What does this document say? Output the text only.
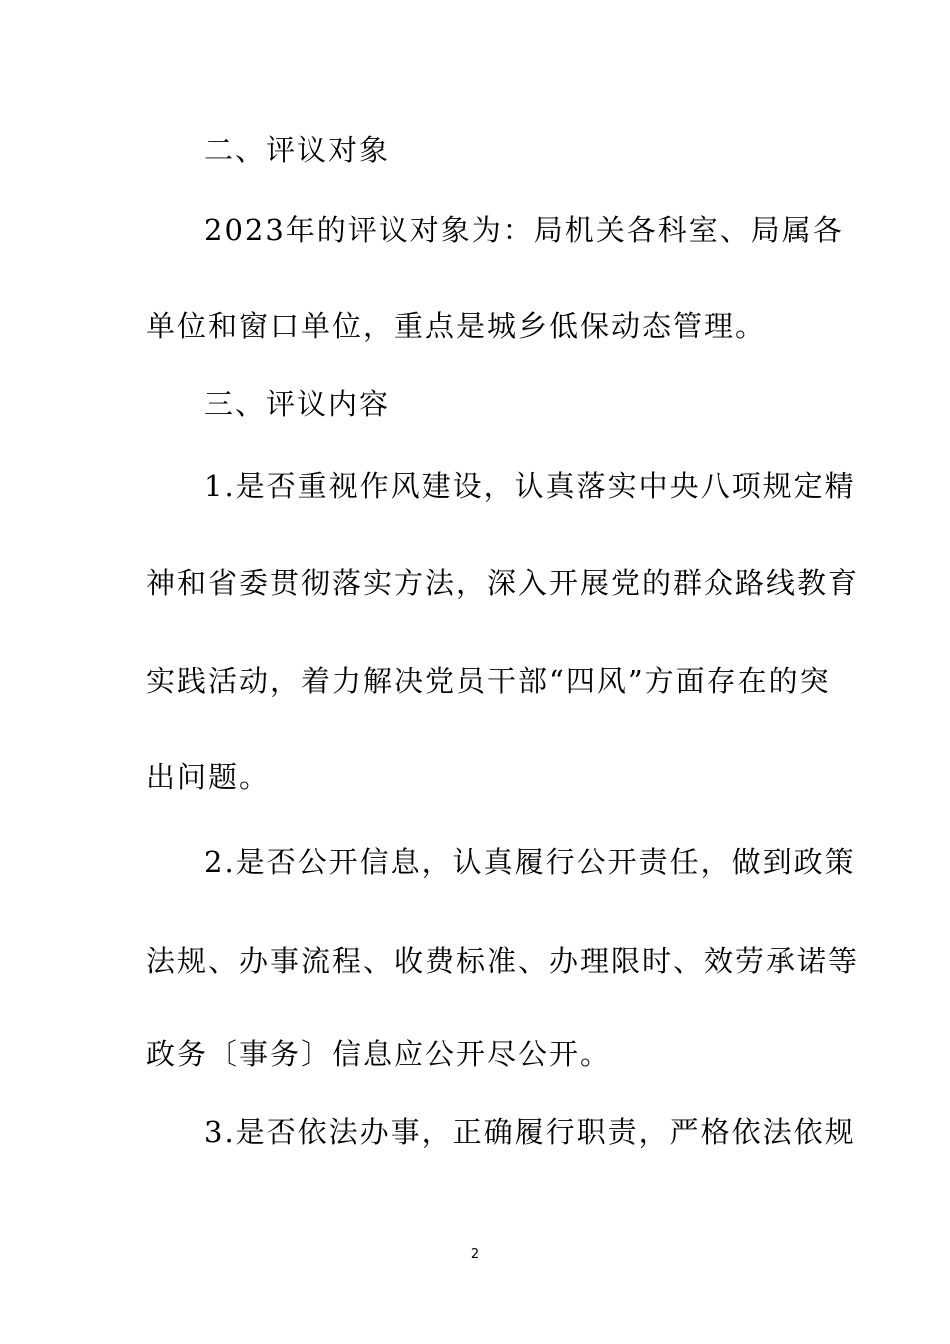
二、评议对象
2023年的评议对象为：局机关各科室、局属各
单位和窗口单位，重点是城乡低保动态管理。
三、评议内容
1.是否重视作风建设，认真落实中央八项规定精
神和省委贯彻落实方法，深入开展党的群众路线教育
实践活动，着力解决党员干部“四风”方面存在的突
出问题。
2.是否公开信息，认真履行公开责任，做到政策
法规、办事流程、收费标准、办理限时、效劳承诺等
政务〔事务〕信息应公开尽公开。
3.是否依法办事，正确履行职责，严格依法依规
2
